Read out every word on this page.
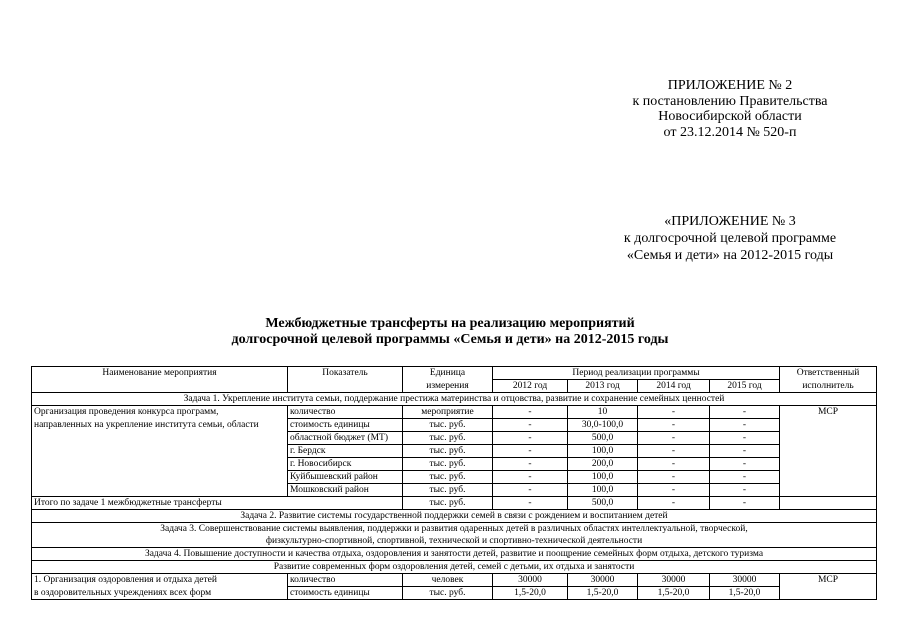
ПРИЛОЖЕНИЕ № 2
к постановлению Правительства
Новосибирской области
от 23.12.2014 № 520-п
«ПРИЛОЖЕНИЕ № 3
к долгосрочной целевой программе
«Семья и дети» на 2012-2015 годы
Межбюджетные трансферты на реализацию мероприятий
долгосрочной целевой программы «Семья и дети» на 2012-2015 годы
Наименование мероприятия	Показатель	Единица	Период реализации программы				Ответственный
		измерения	2012 год	2013 год	2014 год	2015 год	исполнитель
Задача 1. Укрепление института семьи, поддержание престижа материнства и отцовства, развитие и сохранение семейных ценностей							
Организация проведения конкурса программ,	количество	мероприятие	-	10	-	-	МСР
направленных на укрепление института семьи, области	стоимость единицы	тыс. руб.	-	30,0-100,0	-	-	
	областной бюджет (МТ)	тыс. руб.	-	500,0	-	-	
	г. Бердск	тыс. руб.	-	100,0	-	-	
	г. Новосибирск	тыс. руб.	-	200,0	-	-	
	Куйбышевский район	тыс. руб.	-	100,0	-	-	
	Мошковский район	тыс. руб.	-	100,0	-	-	
Итого по задаче 1 межбюджетные трансферты		тыс. руб.	-	500,0	-	-	
Задача 2. Развитие системы государственной поддержки семей в связи с рождением и воспитанием детей							

Задача 3. Совершенствование системы выявления, поддержки и развития одаренных детей в различных областях интеллектуальной, творческой,
физкультурно-спортивной, спортивной, технической и спортивно-технической деятельности							

Задача 4. Повышение доступности и качества отдыха, оздоровления и занятости детей, развитие и поощрение семейных форм отдыха, детского туризма							
Развитие современных форм оздоровления детей, семей с детьми, их отдыха и занятости							
1. Организация оздоровления и отдыха детей	количество	человек	30000	30000	30000	30000	МСР
в оздоровительных учреждениях всех форм	стоимость единицы	тыс. руб.	1,5-20,0	1,5-20,0	1,5-20,0	1,5-20,0	
